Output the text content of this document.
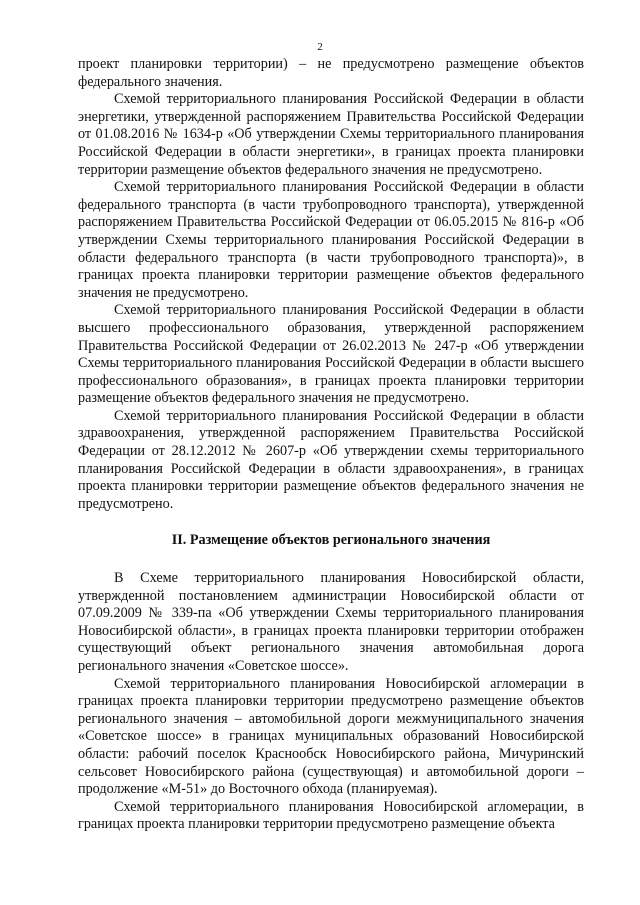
2

проект планировки территории) – не предусмотрено размещение объектов федерального значения.

Схемой территориального планирования Российской Федерации в области энергетики, утвержденной распоряжением Правительства Российской Федерации от 01.08.2016 № 1634-р «Об утверждении Схемы территориального планирования Российской Федерации в области энергетики», в границах проекта планировки территории размещение объектов федерального значения не предусмотрено.

Схемой территориального планирования Российской Федерации в области федерального транспорта (в части трубопроводного транспорта), утвержденной распоряжением Правительства Российской Федерации от 06.05.2015 № 816-р «Об утверждении Схемы территориального планирования Российской Федерации в области федерального транспорта (в части трубопроводного транспорта)», в границах проекта планировки территории размещение объектов федерального значения не предусмотрено.

Схемой территориального планирования Российской Федерации в области высшего профессионального образования, утвержденной распоряжением Правительства Российской Федерации от 26.02.2013 № 247-р «Об утверждении Схемы территориального планирования Российской Федерации в области высшего профессионального образования», в границах проекта планировки территории размещение объектов федерального значения не предусмотрено.

Схемой территориального планирования Российской Федерации в области здравоохранения, утвержденной распоряжением Правительства Российской Федерации от 28.12.2012 № 2607-р «Об утверждении схемы территориального планирования Российской Федерации в области здравоохранения», в границах проекта планировки территории размещение объектов федерального значения не предусмотрено.

II. Размещение объектов регионального значения

В Схеме территориального планирования Новосибирской области, утвержденной постановлением администрации Новосибирской области от 07.09.2009 № 339-па «Об утверждении Схемы территориального планирования Новосибирской области», в границах проекта планировки территории отображен существующий объект регионального значения автомобильная дорога регионального значения «Советское шоссе».

Схемой территориального планирования Новосибирской агломерации в границах проекта планировки территории предусмотрено размещение объектов регионального значения – автомобильной дороги межмуниципального значения «Советское шоссе» в границах муниципальных образований Новосибирской области: рабочий поселок Краснообск Новосибирского района, Мичуринский сельсовет Новосибирского района (существующая) и автомобильной дороги – продолжение «М-51» до Восточного обхода (планируемая).

Схемой территориального планирования Новосибирской агломерации, в границах проекта планировки территории предусмотрено размещение объекта
